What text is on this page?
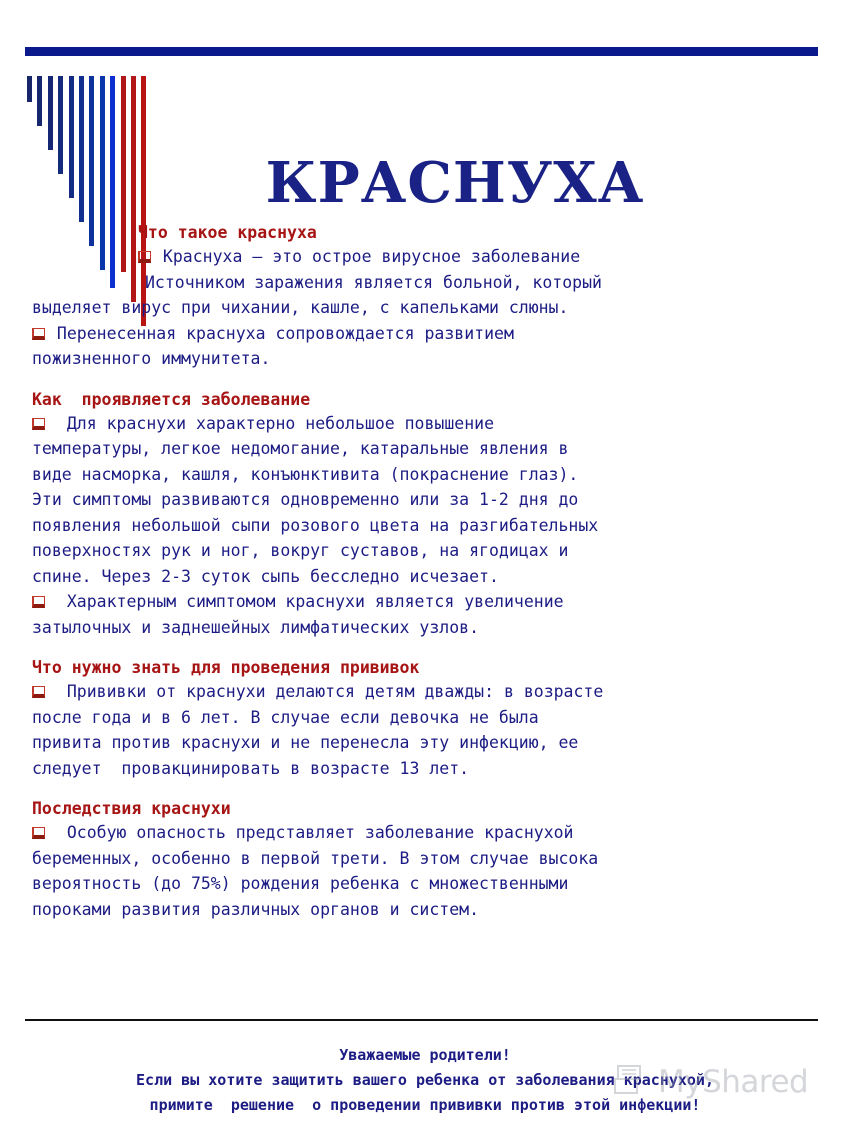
КРАСНУХА
Что такое краснуха
Краснуха – это острое вирусное заболевание
Источником заражения является больной, который
выделяет вирус при чихании, кашле, с капельками слюны.
Перенесенная краснуха сопровождается развитием
пожизненного иммунитета.
Как  проявляется заболевание
Для краснухи характерно небольшое повышение
температуры, легкое недомогание, катаральные явления в
виде насморка, кашля, конъюнктивита (покраснение глаз).
Эти симптомы развиваются одновременно или за 1-2 дня до
появления небольшой сыпи розового цвета на разгибательных
поверхностях рук и ног, вокруг суставов, на ягодицах и
спине. Через 2-3 суток сыпь бесследно исчезает.
Характерным симптомом краснухи является увеличение
затылочных и заднешейных лимфатических узлов.
Что нужно знать для проведения прививок
Прививки от краснухи делаются детям дважды: в возрасте
после года и в 6 лет. В случае если девочка не была
привита против краснухи и не перенесла эту инфекцию, ее
следует  провакцинировать в возрасте 13 лет.
Последствия краснухи
Особую опасность представляет заболевание краснухой
беременных, особенно в первой трети. В этом случае высока
вероятность (до 75%) рождения ребенка с множественными
пороками развития различных органов и систем.
Уважаемые родители!
Если вы хотите защитить вашего ребенка от заболевания краснухой,
примите  решение  о проведении прививки против этой инфекции!
MyShared
